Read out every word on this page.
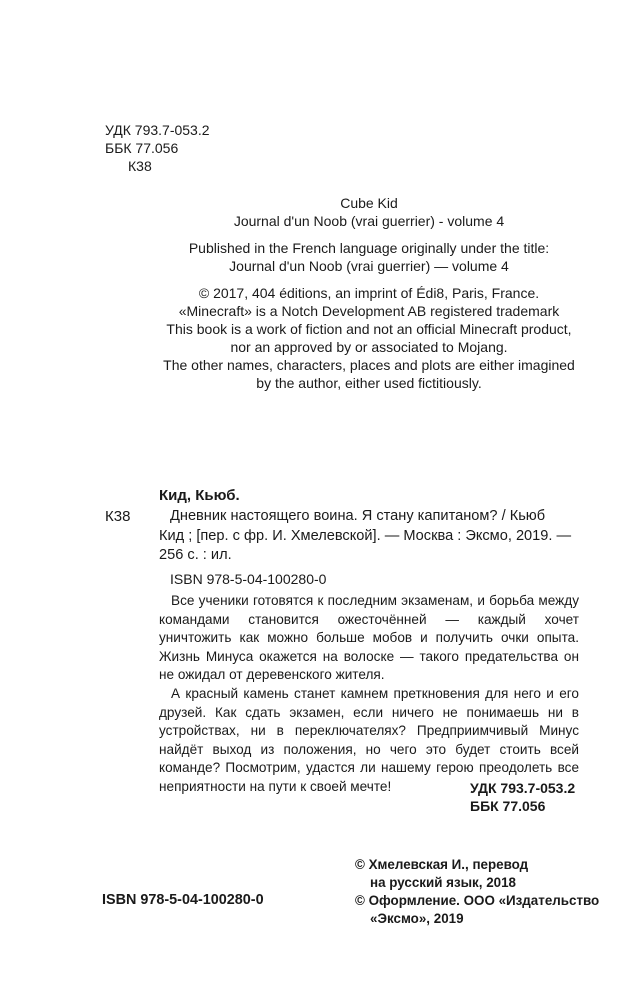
УДК 793.7-053.2
ББК 77.056
К38
Cube Kid
Journal d'un Noob (vrai guerrier) - volume 4
Published in the French language originally under the title:
Journal d'un Noob (vrai guerrier) — volume 4
© 2017, 404 éditions, an imprint of Édi8, Paris, France.
«Minecraft» is a Notch Development AB registered trademark
This book is a work of fiction and not an official Minecraft product,
nor an approved by or associated to Mojang.
The other names, characters, places and plots are either imagined
by the author, either used fictitiously.
Кид, Кьюб.
К38	Дневник настоящего воина. Я стану капитаном? / Кьюб
Кид ; [пер. с фр. И. Хмелевской]. — Москва : Эксмо, 2019. —
256 с. : ил.
ISBN 978-5-04-100280-0

Все ученики готовятся к последним экзаменам, и борьба между командами становится ожесточённей — каждый хочет уничтожить как можно больше мобов и получить очки опыта. Жизнь Минуса окажется на волоске — такого предательства он не ожидал от деревенского жителя.

А красный камень станет камнем преткновения для него и его друзей. Как сдать экзамен, если ничего не понимаешь ни в устройствах, ни в переключателях? Предприимчивый Минус найдёт выход из положения, но чего это будет стоить всей команде? Посмотрим, удастся ли нашему герою преодолеть все неприятности на пути к своей мечте!	УДК 793.7-053.2
ББК 77.056
© Хмелевская И., перевод
на русский язык, 2018
© Оформление. ООО «Издательство
«Эксмо», 2019
ISBN 978-5-04-100280-0
